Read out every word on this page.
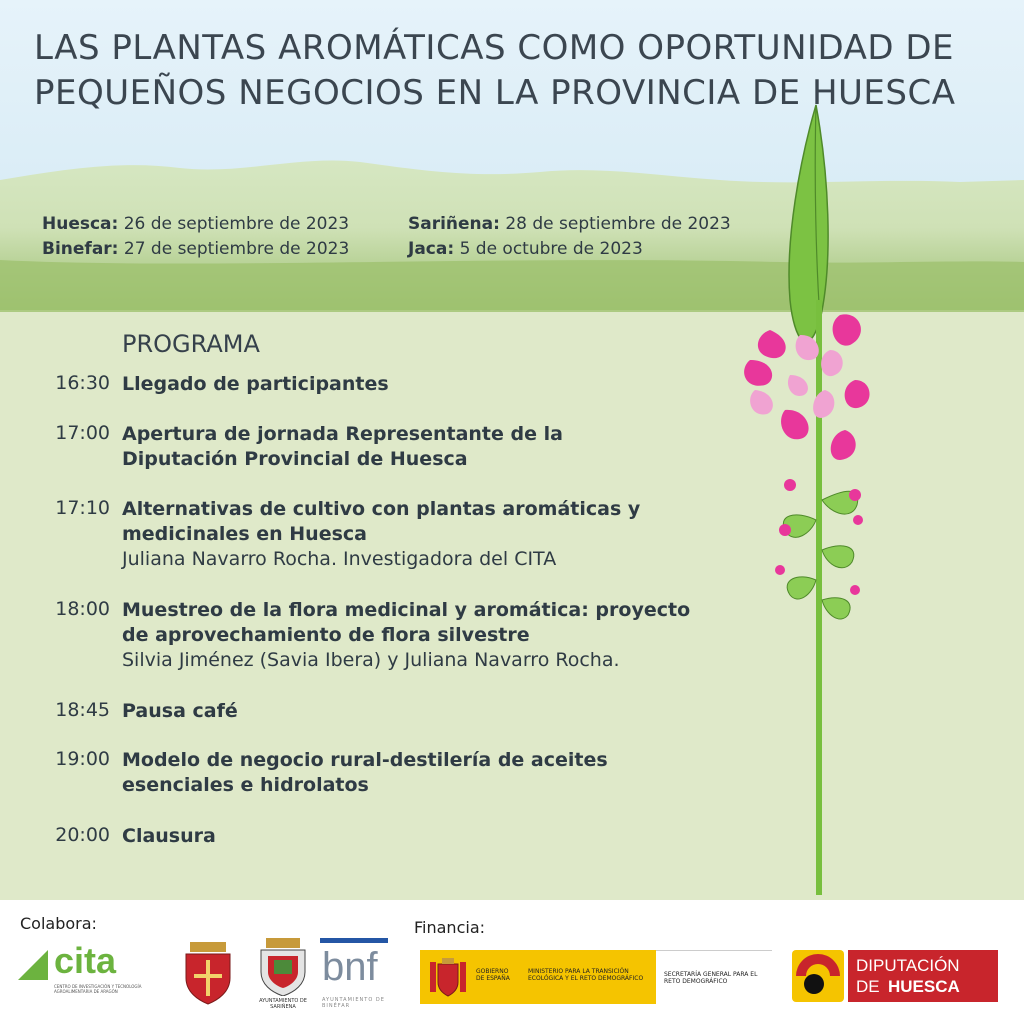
LAS PLANTAS AROMÁTICAS COMO OPORTUNIDAD DE PEQUEÑOS NEGOCIOS EN LA PROVINCIA DE HUESCA
Huesca: 26 de septiembre de 2023
Binefar: 27 de septiembre de 2023
Sariñena: 28 de septiembre de 2023
Jaca: 5 de octubre de 2023
PROGRAMA
16:30 Llegado de participantes
17:00 Apertura de jornada Representante de la Diputación Provincial de Huesca
17:10 Alternativas de cultivo con plantas aromáticas y medicinales en Huesca
Juliana Navarro Rocha. Investigadora del CITA
18:00 Muestreo de la flora medicinal y aromática: proyecto de aprovechamiento de flora silvestre
Silvia Jiménez (Savia Ibera) y Juliana Navarro Rocha.
18:45 Pausa café
19:00 Modelo de negocio rural-destilería de aceites esenciales e hidrolatos
20:00 Clausura
Colabora:	Financia:
cita
CENTRO DE INVESTIGACIÓN Y TECNOLOGÍA AGROALIMENTARIA DE ARAGÓN
AYUNTAMIENTO DE SARIÑENA
bnf
AYUNTAMIENTO DE BINÉFAR
GOBIERNO DE ESPAÑA
MINISTERIO PARA LA TRANSICIÓN ECOLÓGICA Y EL RETO DEMOGRÁFICO
SECRETARÍA GENERAL PARA EL RETO DEMOGRÁFICO
DIPUTACIÓN
DE HUESCA
